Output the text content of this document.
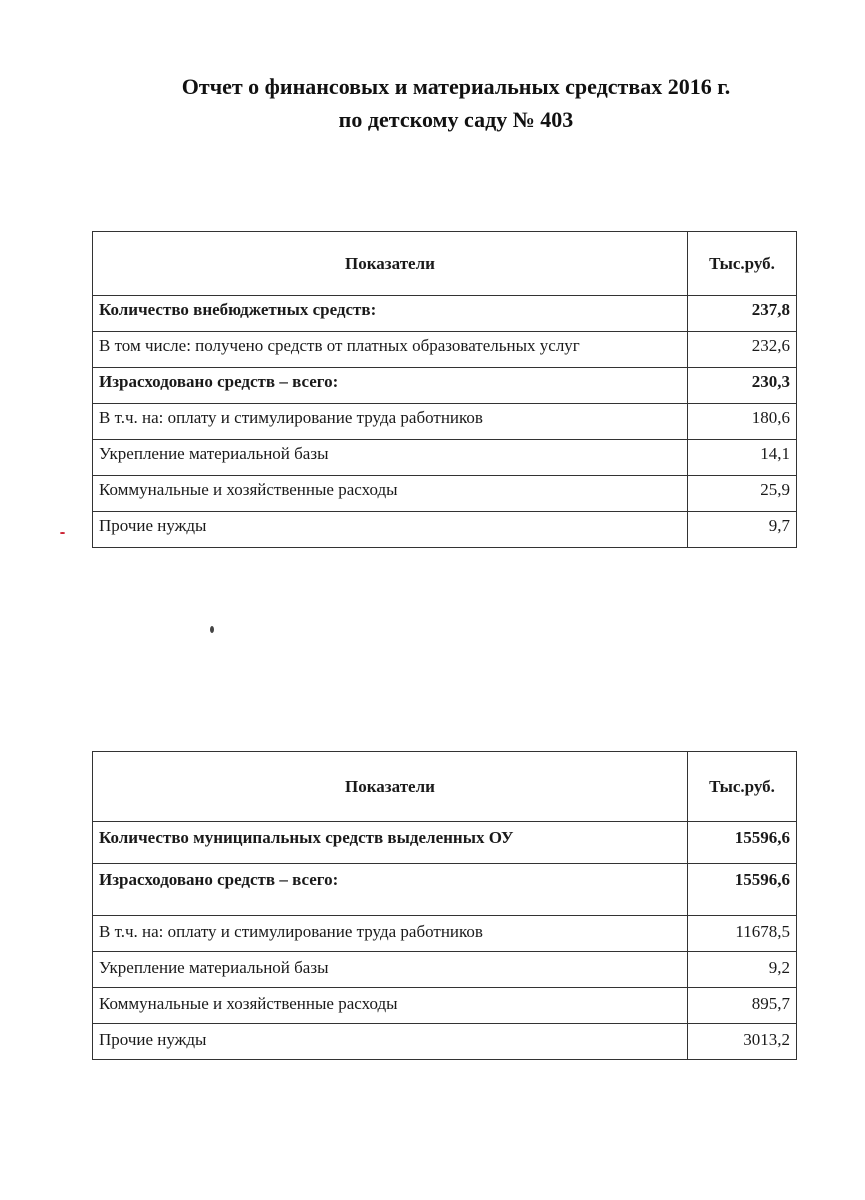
Отчет о финансовых и материальных средствах 2016 г.
по детскому саду № 403
Показатели	Тыс.руб.
Количество внебюджетных средств:	237,8
В том числе: получено средств от платных образовательных услуг	232,6
Израсходовано средств – всего:	230,3
В т.ч. на: оплату и стимулирование труда работников	180,6
Укрепление материальной базы	14,1
Коммунальные и хозяйственные расходы	25,9
Прочие нужды	9,7
Показатели	Тыс.руб.
Количество муниципальных средств выделенных ОУ	15596,6
Израсходовано средств – всего:	15596,6
В т.ч. на: оплату и стимулирование труда работников	11678,5
Укрепление материальной базы	9,2
Коммунальные и хозяйственные расходы	895,7
Прочие нужды	3013,2
